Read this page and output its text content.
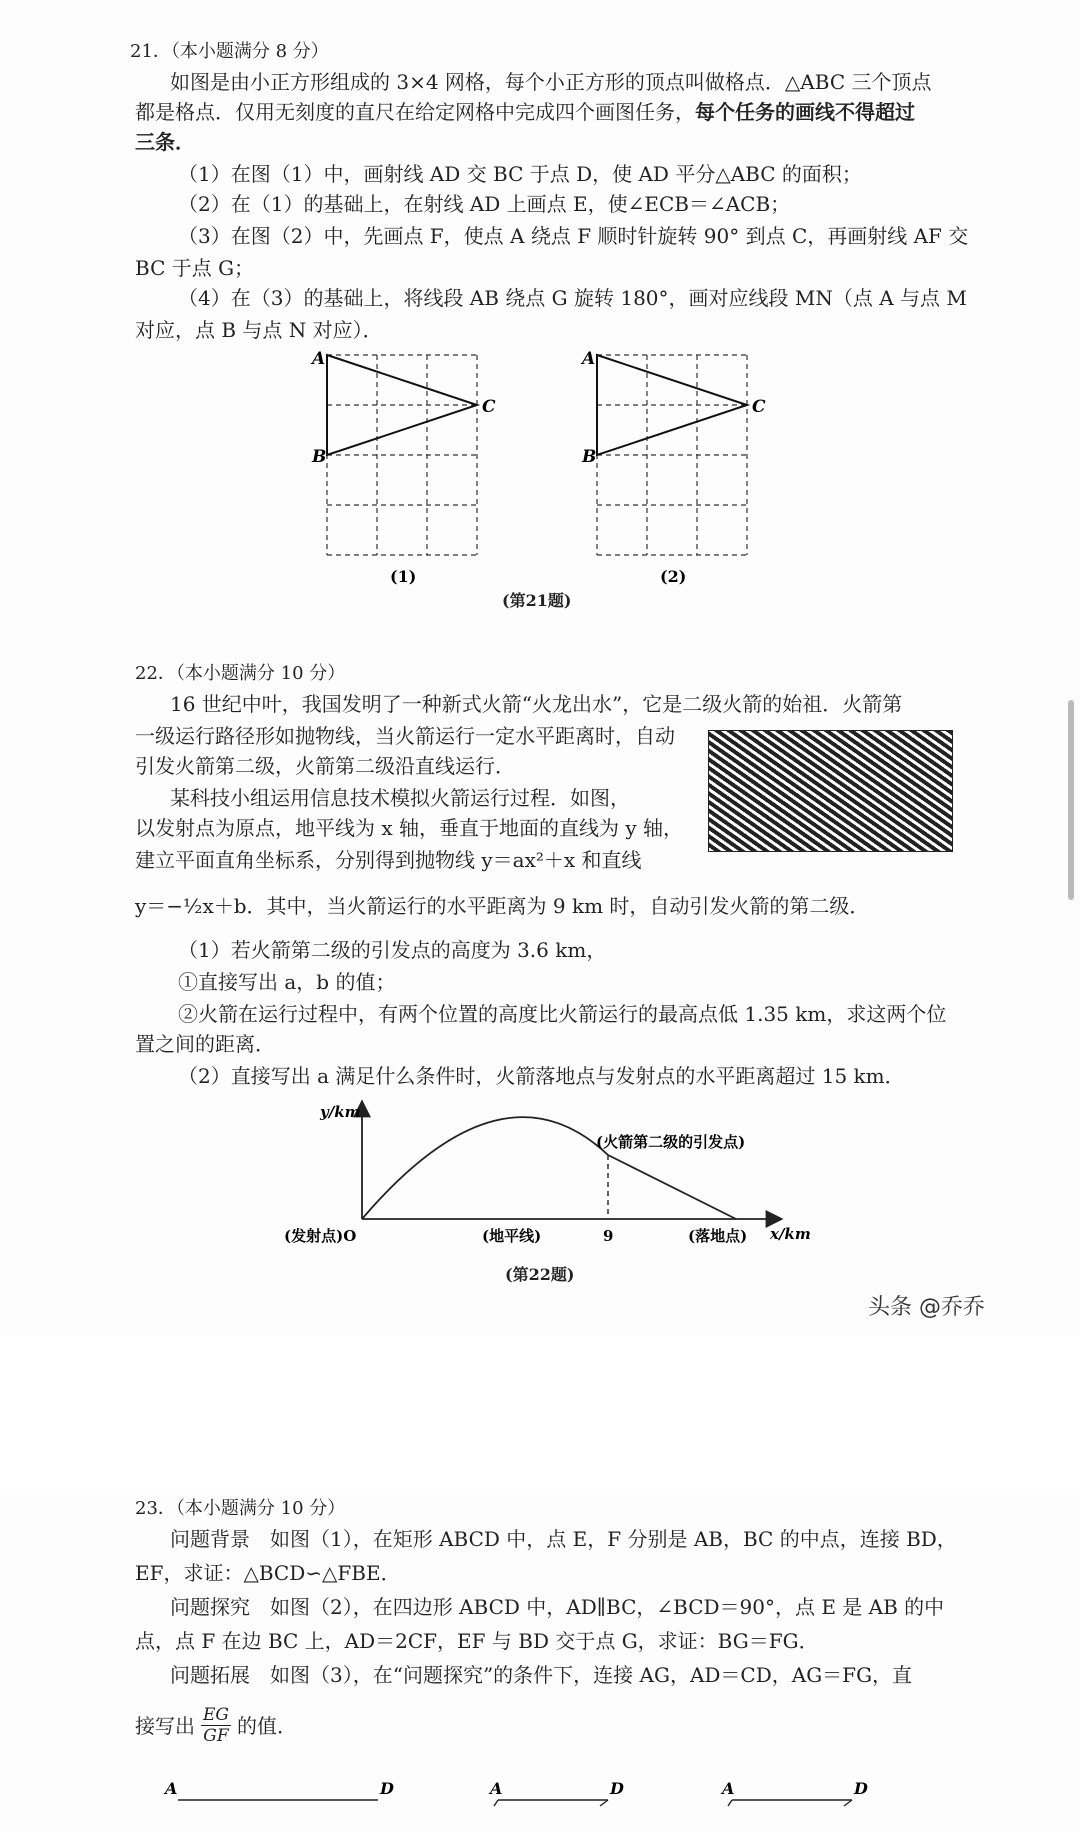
21．（本小题满分 8 分）
如图是由小正方形组成的 3×4 网格，每个小正方形的顶点叫做格点．△ABC 三个顶点
都是格点．仅用无刻度的直尺在给定网格中完成四个画图任务，每个任务的画线不得超过
三条．
（1）在图（1）中，画射线 AD 交 BC 于点 D，使 AD 平分△ABC 的面积；
（2）在（1）的基础上，在射线 AD 上画点 E，使∠ECB＝∠ACB；
（3）在图（2）中，先画点 F，使点 A 绕点 F 顺时针旋转 90° 到点 C，再画射线 AF 交
BC 于点 G；
（4）在（3）的基础上，将线段 AB 绕点 G 旋转 180°，画对应线段 MN（点 A 与点 M
对应，点 B 与点 N 对应）．
A
B
C
(1)
A
B
C
(2)
(第21题)
22．（本小题满分 10 分）
16 世纪中叶，我国发明了一种新式火箭“火龙出水”，它是二级火箭的始祖．火箭第
一级运行路径形如抛物线，当火箭运行一定水平距离时，自动
引发火箭第二级，火箭第二级沿直线运行．
某科技小组运用信息技术模拟火箭运行过程．如图，
以发射点为原点，地平线为 x 轴，垂直于地面的直线为 y 轴，
建立平面直角坐标系，分别得到抛物线 y＝ax²＋x 和直线
y＝−½x＋b．其中，当火箭运行的水平距离为 9 km 时，自动引发火箭的第二级．
（1）若火箭第二级的引发点的高度为 3.6 km，
①直接写出 a，b 的值；
②火箭在运行过程中，有两个位置的高度比火箭运行的最高点低 1.35 km，求这两个位
置之间的距离．
（2）直接写出 a 满足什么条件时，火箭落地点与发射点的水平距离超过 15 km．
y/km
x/km
(发射点)O	(地平线)	9	(落地点)
(火箭第二级的引发点)
(第22题)
头条 @乔乔
23．（本小题满分 10 分）
问题背景　如图（1），在矩形 ABCD 中，点 E，F 分别是 AB，BC 的中点，连接 BD，
EF，求证：△BCD∽△FBE．
问题探究　如图（2），在四边形 ABCD 中，AD∥BC，∠BCD＝90°，点 E 是 AB 的中
点，点 F 在边 BC 上，AD＝2CF，EF 与 BD 交于点 G，求证：BG＝FG．
问题拓展　如图（3），在“问题探究”的条件下，连接 AG，AD＝CD，AG＝FG，直
接写出 EG
GF 的值．
A	D	A	D	A	D
